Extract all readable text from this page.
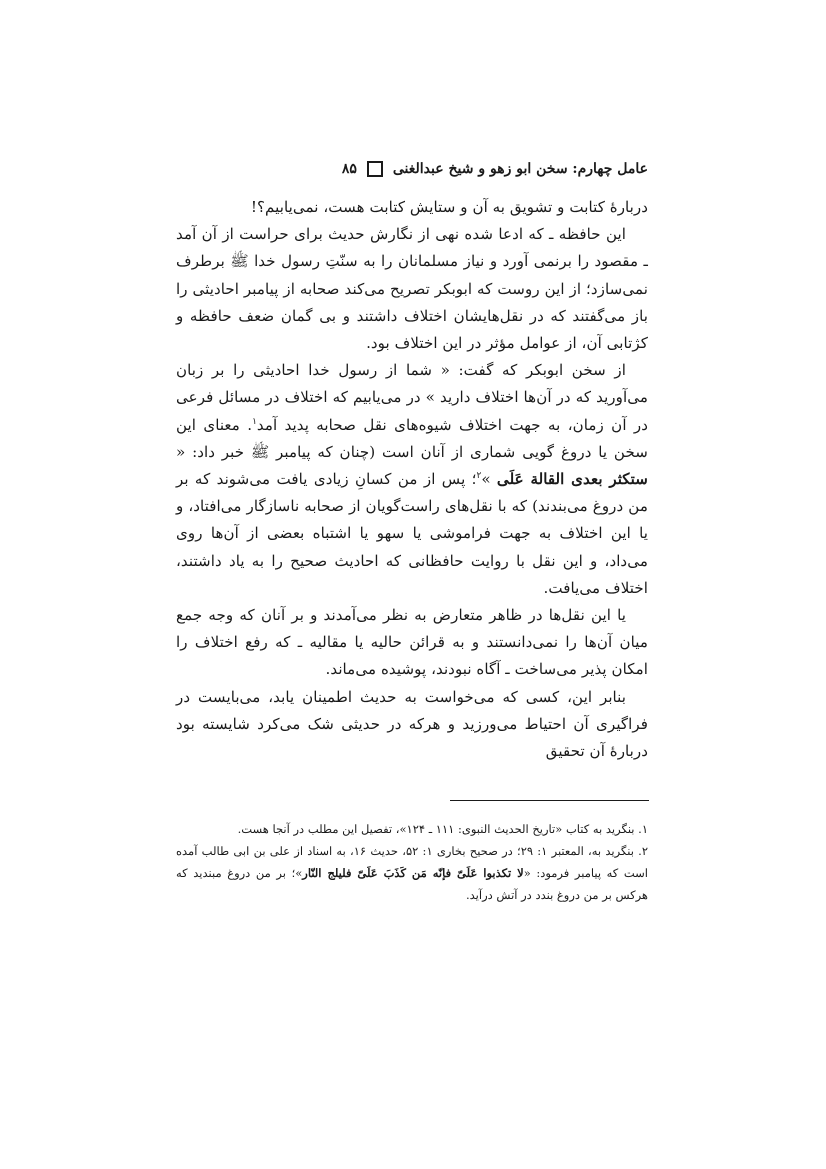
عامل چهارم: سخن ابو زهو و شیخ عبدالغنی
۸۵

دربارهٔ کتابت و تشویق به آن و ستایش کتابت هست، نمی‌یابیم؟!

این حافظه ـ که ادعا شده نهی از نگارش حدیث برای حراست از آن آمد ـ مقصود را برنمی آورد و نیاز مسلمانان را به سنّتِ رسول خدا ﷺ برطرف نمی‌سازد؛ از این روست که ابوبکر تصریح می‌کند صحابه از پیامبر احادیثی را باز می‌گفتند که در نقل‌هایشان اختلاف داشتند و بی گمان ضعف حافظه و کژتابی آن، از عوامل مؤثر در این اختلاف بود.

از سخن ابوبکر که گفت: « شما از رسول خدا احادیثی را بر زبان می‌آورید که در آن‌ها اختلاف دارید » در می‌یابیم که اختلاف در مسائل فرعی در آن زمان، به جهت اختلاف شیوه‌های نقل صحابه پدید آمد$^۱$. معنای این سخن یا دروغ گویی شماری از آنان است (چنان که پیامبر ﷺ خبر داد: « ستکثر بعدی القالة عَلَی »$^۲$؛ پس از من کسانِ زیادی یافت می‌شوند که بر من دروغ می‌بندند) که با نقل‌های راست‌گویان از صحابه ناسازگار می‌افتاد، و یا این اختلاف به جهت فراموشی یا سهو یا اشتباه بعضی از آن‌ها روی می‌داد، و این نقل با روایت حافظانی که احادیث صحیح را به یاد داشتند، اختلاف می‌یافت.

یا این نقل‌ها در ظاهر متعارض به نظر می‌آمدند و بر آنان که وجه جمع میان آن‌ها را نمی‌دانستند و به قرائن حالیه یا مقالیه ـ که رفع اختلاف را امکان پذیر می‌ساخت ـ آگاه نبودند، پوشیده می‌ماند.

بنابر این، کسی که می‌خواست به حدیث اطمینان یابد، می‌بایست در فراگیری آن احتیاط می‌ورزید و هرکه در حدیثی شک می‌کرد شایسته بود دربارهٔ آن تحقیق

۱. بنگرید به کتاب «تاریخ الحدیث النبوی: ۱۱۱ ـ ۱۲۴»، تفصیل این مطلب در آنجا هست.

۲. بنگرید به، المعتبر ۱: ۲۹؛ در صحیح بخاری ۱: ۵۲، حدیث ۱۶، به اسناد از علی بن ابی طالب آمده است که پیامبر فرمود: «لا تکذبوا عَلَیّ فإنّه مَن کَذَبَ عَلَیّ فلیلج النّار»؛ بر من دروغ مبندید که هرکس بر من دروغ بندد در آتش درآید.
